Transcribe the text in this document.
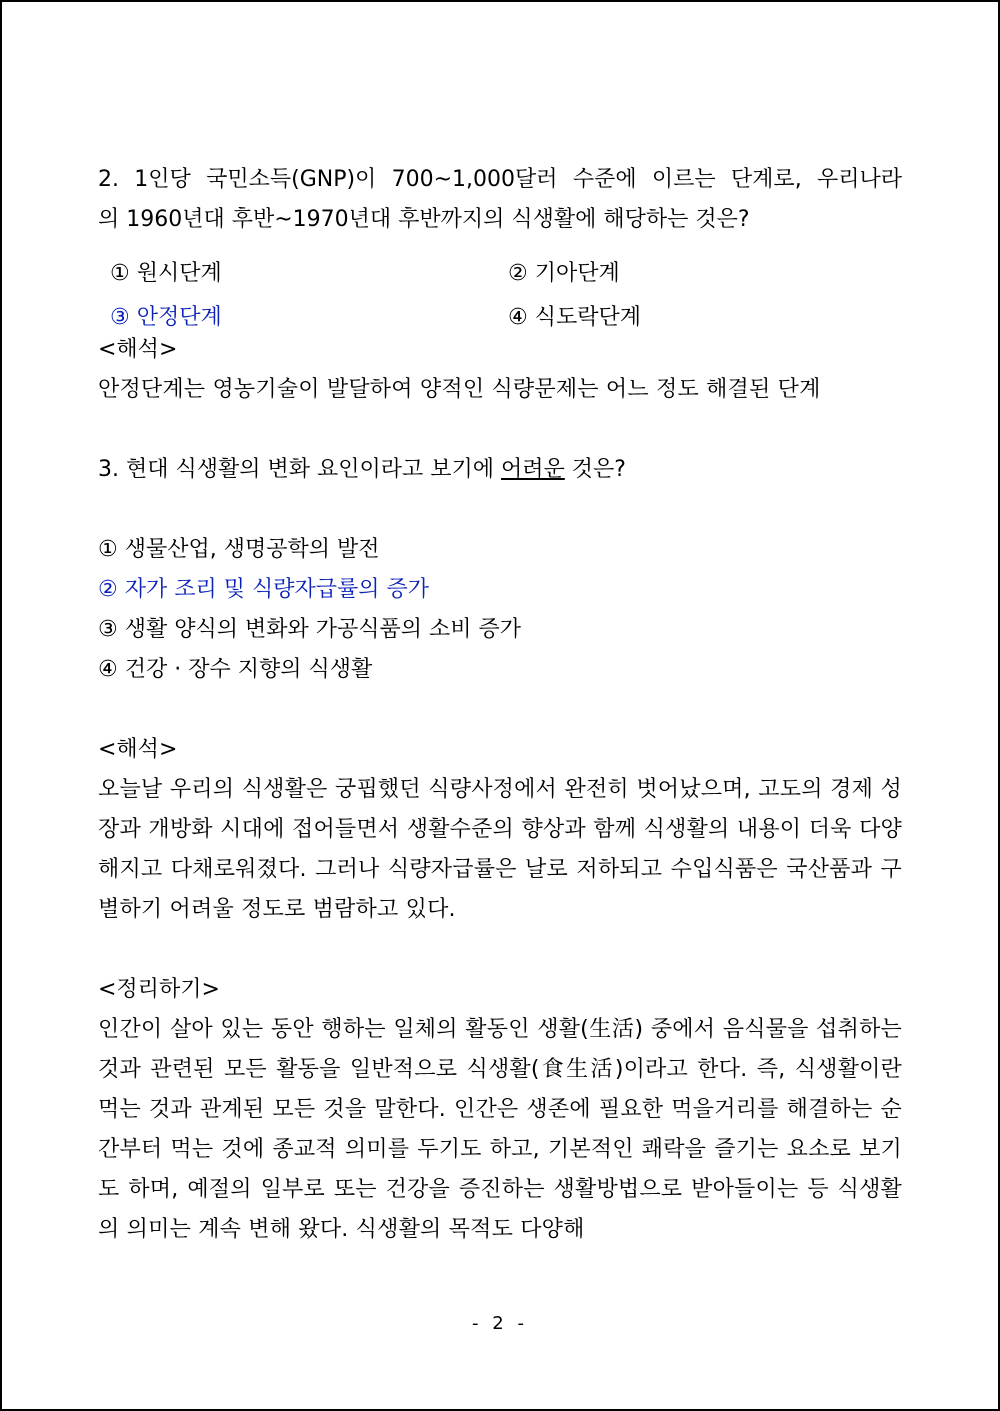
2. 1인당 국민소득(GNP)이 700~1,000달러 수준에 이르는 단계로, 우리나라
의 1960년대 후반~1970년대 후반까지의 식생활에 해당하는 것은?
① 원시단계	② 기아단계
③ 안정단계	④ 식도락단계
<해석>
안정단계는 영농기술이 발달하여 양적인 식량문제는 어느 정도 해결된 단계
3. 현대 식생활의 변화 요인이라고 보기에 어려운 것은?
① 생물산업, 생명공학의 발전
② 자가 조리 및 식량자급률의 증가
③ 생활 양식의 변화와 가공식품의 소비 증가
④ 건강 · 장수 지향의 식생활
<해석>
오늘날 우리의 식생활은 궁핍했던 식량사정에서 완전히 벗어났으며, 고도의 경제 성장과 개방화 시대에 접어들면서 생활수준의 향상과 함께 식생활의 내용이 더욱 다양해지고 다채로워졌다. 그러나 식량자급률은 날로 저하되고 수입식품은 국산품과 구별하기 어려울 정도로 범람하고 있다.
<정리하기>
인간이 살아 있는 동안 행하는 일체의 활동인 생활(生活) 중에서 음식물을 섭취하는 것과 관련된 모든 활동을 일반적으로 식생활(食生活)이라고 한다. 즉, 식생활이란 먹는 것과 관계된 모든 것을 말한다. 인간은 생존에 필요한 먹을거리를 해결하는 순간부터 먹는 것에 종교적 의미를 두기도 하고, 기본적인 쾌락을 즐기는 요소로 보기도 하며, 예절의 일부로 또는 건강을 증진하는 생활방법으로 받아들이는 등 식생활의 의미는 계속 변해 왔다. 식생활의 목적도 다양해
- 2 -
